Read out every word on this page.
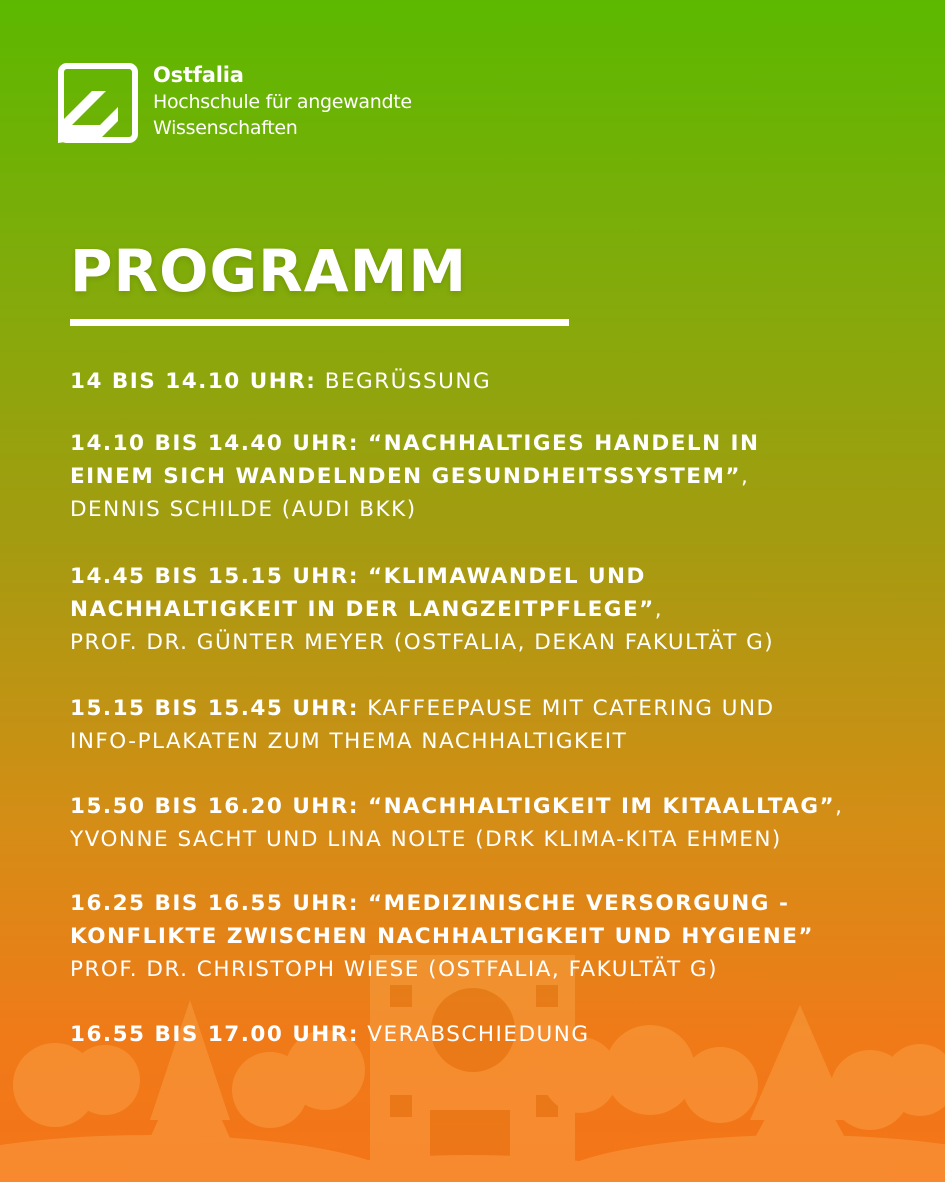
Ostfalia
Hochschule für angewandte
Wissenschaften
PROGRAMM
14 BIS 14.10 UHR: BEGRÜSSUNG
14.10 BIS 14.40 UHR: “NACHHALTIGES HANDELN IN
EINEM SICH WANDELNDEN GESUNDHEITSSYSTEM”,
DENNIS SCHILDE (AUDI BKK)
14.45 BIS 15.15 UHR: “KLIMAWANDEL UND
NACHHALTIGKEIT IN DER LANGZEITPFLEGE”,
PROF. DR. GÜNTER MEYER (OSTFALIA, DEKAN FAKULTÄT G)
15.15 BIS 15.45 UHR: KAFFEEPAUSE MIT CATERING UND
INFO-PLAKATEN ZUM THEMA NACHHALTIGKEIT
15.50 BIS 16.20 UHR: “NACHHALTIGKEIT IM KITAALLTAG”,
YVONNE SACHT UND LINA NOLTE (DRK KLIMA-KITA EHMEN)
16.25 BIS 16.55 UHR: “MEDIZINISCHE VERSORGUNG -
KONFLIKTE ZWISCHEN NACHHALTIGKEIT UND HYGIENE”
PROF. DR. CHRISTOPH WIESE (OSTFALIA, FAKULTÄT G)
16.55 BIS 17.00 UHR: VERABSCHIEDUNG
